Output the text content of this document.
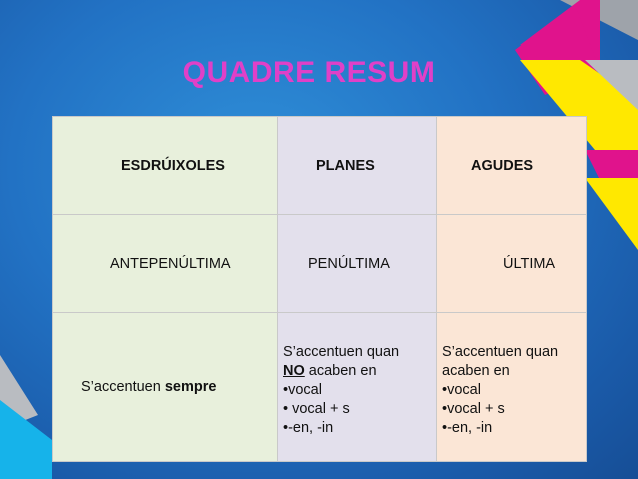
QUADRE RESUM
ESDRÚIXOLES	PLANES	AGUDES
ANTEPENÚLTIMA	PENÚLTIMA	ÚLTIMA
S’accentuen sempre	S’accentuen quan
NO acaben en
•vocal
• vocal + s
•-en, -in	S’accentuen quan
acaben en
•vocal
•vocal + s
•-en, -in
